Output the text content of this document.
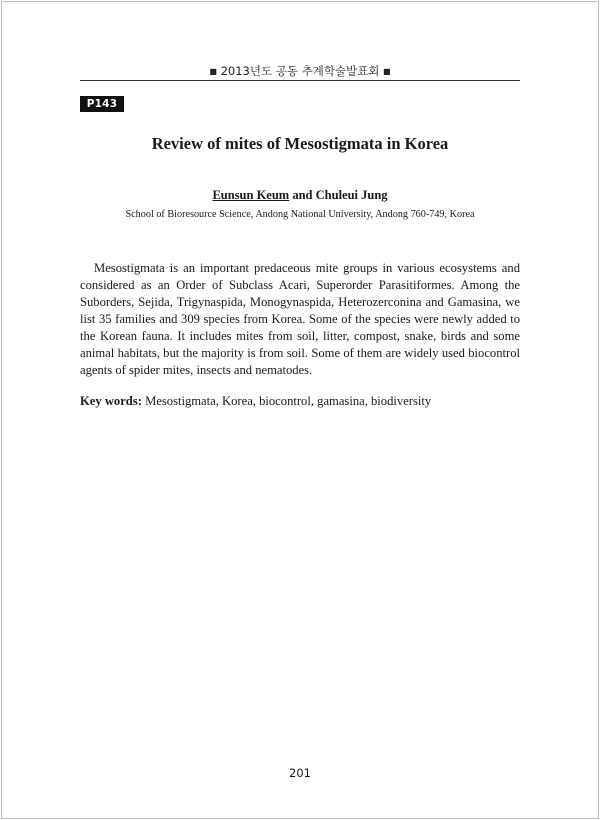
■ 2013년도 공동 추계학술발표회 ■
P143
Review of mites of Mesostigmata in Korea
Eunsun Keum and Chuleui Jung
School of Bioresource Science, Andong National University, Andong 760-749, Korea

Mesostigmata is an important predaceous mite groups in various ecosystems and considered as an Order of Subclass Acari, Superorder Parasitiformes. Among the Suborders, Sejida, Trigynaspida, Monogynaspida, Heterozerconina and Gamasina, we list 35 families and 309 species from Korea. Some of the species were newly added to the Korean fauna. It includes mites from soil, litter, compost, snake, birds and some animal habitats, but the majority is from soil. Some of them are widely used biocontrol agents of spider mites, insects and nematodes.

Key words: Mesostigmata, Korea, biocontrol, gamasina, biodiversity

201
